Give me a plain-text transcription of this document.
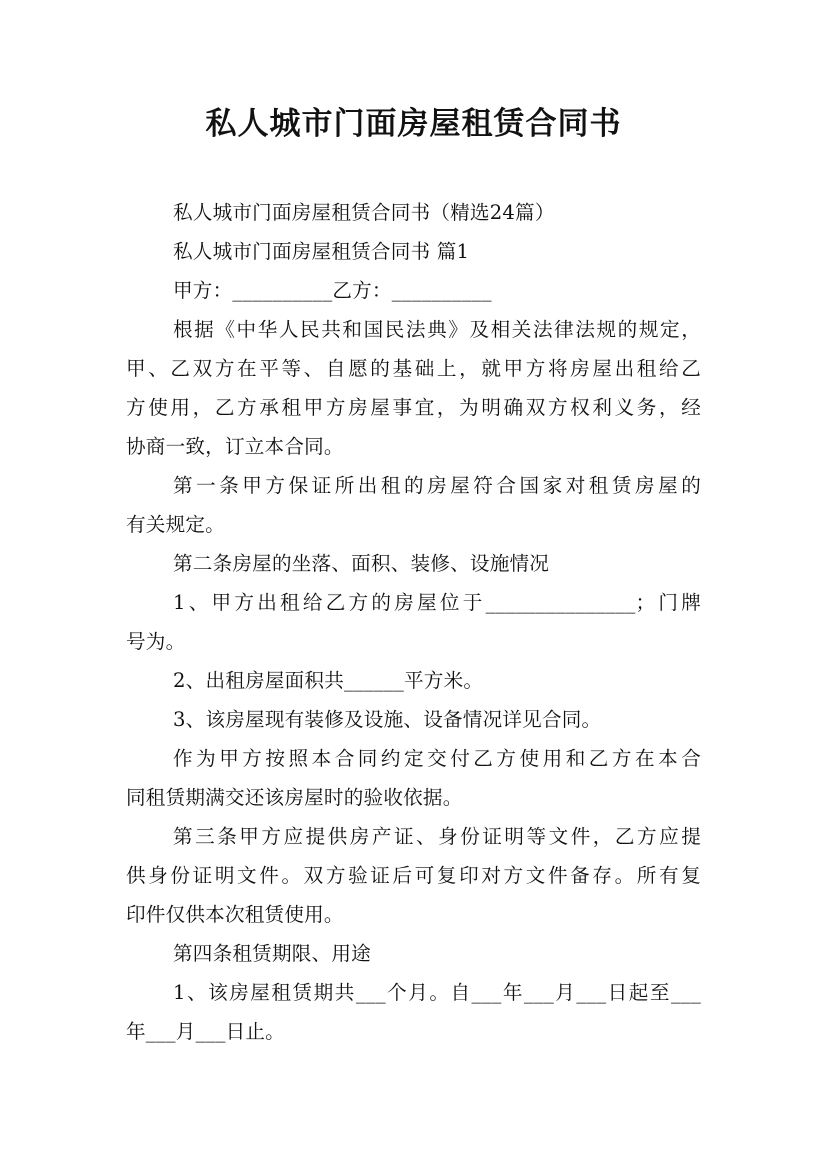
私人城市门面房屋租赁合同书
私人城市门面房屋租赁合同书（精选24篇）
私人城市门面房屋租赁合同书 篇1
甲方：__________乙方：__________
根据《中华人民共和国民法典》及相关法律法规的规定，
甲、乙双方在平等、自愿的基础上，就甲方将房屋出租给乙
方使用，乙方承租甲方房屋事宜，为明确双方权利义务，经
协商一致，订立本合同。
第一条甲方保证所出租的房屋符合国家对租赁房屋的
有关规定。
第二条房屋的坐落、面积、装修、设施情况
1、甲方出租给乙方的房屋位于_______________；门牌
号为。
2、出租房屋面积共______平方米。
3、该房屋现有装修及设施、设备情况详见合同。
作为甲方按照本合同约定交付乙方使用和乙方在本合
同租赁期满交还该房屋时的验收依据。
第三条甲方应提供房产证、身份证明等文件，乙方应提
供身份证明文件。双方验证后可复印对方文件备存。所有复
印件仅供本次租赁使用。
第四条租赁期限、用途
1、该房屋租赁期共___个月。自___年___月___日起至___
年___月___日止。
